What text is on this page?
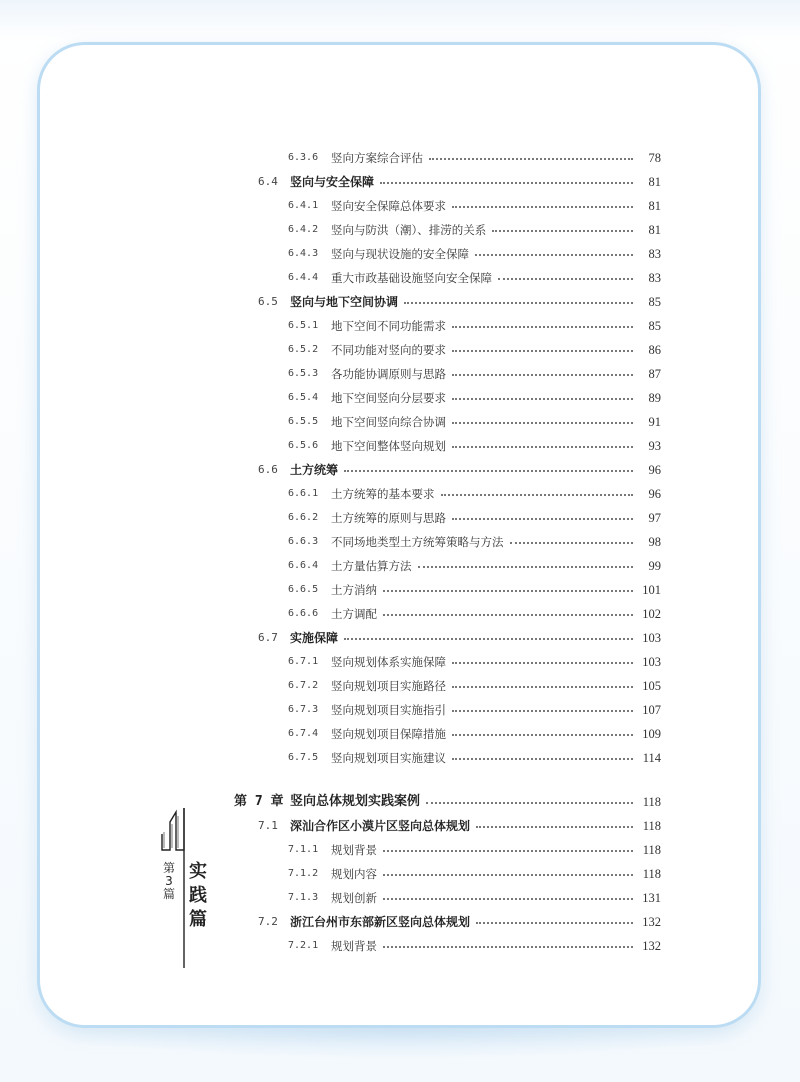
6.3.6	竖向方案综合评估	78
6.4	竖向与安全保障	81
6.4.1	竖向安全保障总体要求	81
6.4.2	竖向与防洪（潮）、排涝的关系	81
6.4.3	竖向与现状设施的安全保障	83
6.4.4	重大市政基础设施竖向安全保障	83
6.5	竖向与地下空间协调	85
6.5.1	地下空间不同功能需求	85
6.5.2	不同功能对竖向的要求	86
6.5.3	各功能协调原则与思路	87
6.5.4	地下空间竖向分层要求	89
6.5.5	地下空间竖向综合协调	91
6.5.6	地下空间整体竖向规划	93
6.6	土方统筹	96
6.6.1	土方统筹的基本要求	96
6.6.2	土方统筹的原则与思路	97
6.6.3	不同场地类型土方统筹策略与方法	98
6.6.4	土方量估算方法	99
6.6.5	土方消纳	101
6.6.6	土方调配	102
6.7	实施保障	103
6.7.1	竖向规划体系实施保障	103
6.7.2	竖向规划项目实施路径	105
6.7.3	竖向规划项目实施指引	107
6.7.4	竖向规划项目保障措施	109
6.7.5	竖向规划项目实施建议	114
第 7 章 竖向总体规划实践案例	118
7.1	深汕合作区小漠片区竖向总体规划	118
7.1.1	规划背景	118
7.1.2	规划内容	118
7.1.3	规划创新	131
7.2	浙江台州市东部新区竖向总体规划	132
7.2.1	规划背景	132
第3篇
实践篇
